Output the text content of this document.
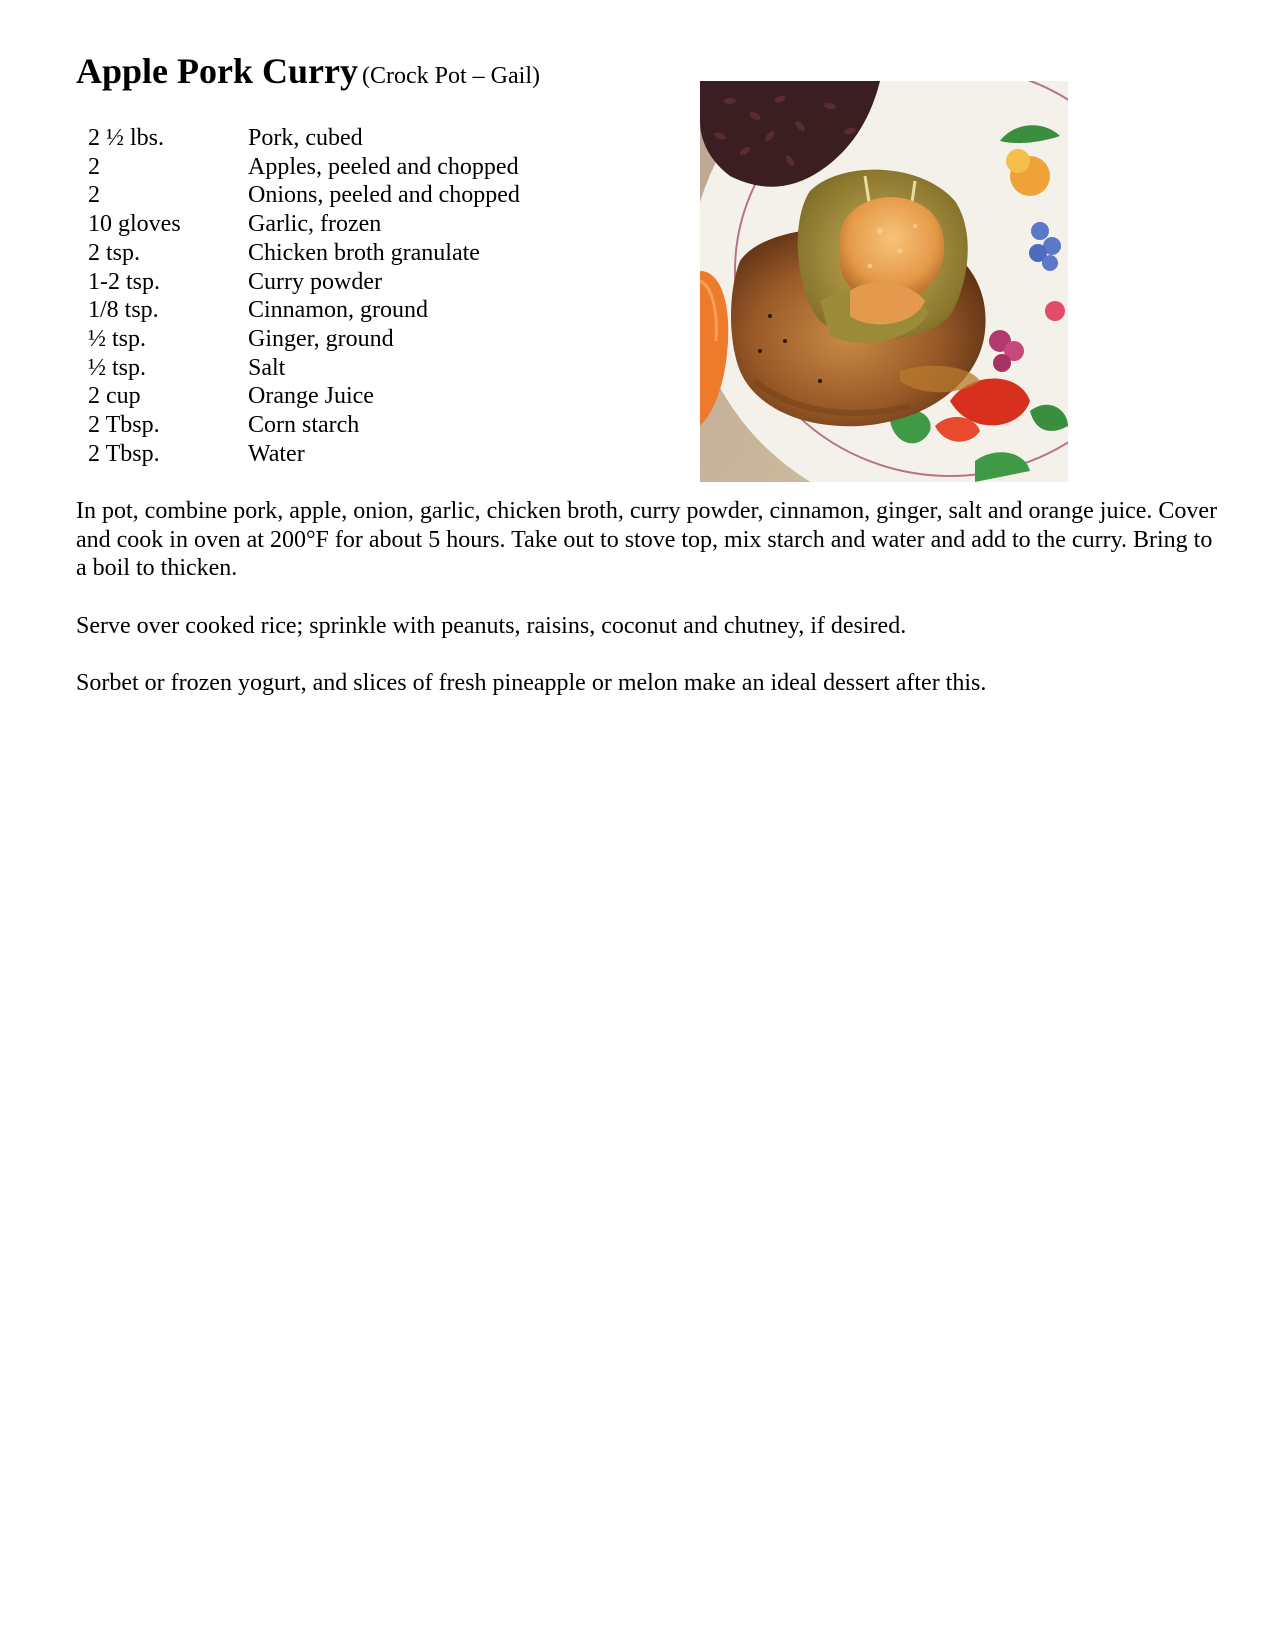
Apple Pork Curry (Crock Pot – Gail)
2 ½ lbs.	Pork, cubed
2	Apples, peeled and chopped
2	Onions, peeled and chopped
10 gloves	Garlic, frozen
2 tsp.	Chicken broth granulate
1-2 tsp.	Curry powder
1/8 tsp.	Cinnamon, ground
½ tsp.	Ginger, ground
½ tsp.	Salt
2 cup	Orange Juice
2 Tbsp.	Corn starch
2 Tbsp.	Water

In pot, combine pork, apple, onion, garlic, chicken broth, curry powder, cinnamon, ginger, salt and orange juice. Cover and cook in oven at 200°F for about 5 hours. Take out to stove top, mix starch and water and add to the curry. Bring to a boil to thicken.

Serve over cooked rice; sprinkle with peanuts, raisins, coconut and chutney, if desired.

Sorbet or frozen yogurt, and slices of fresh pineapple or melon make an ideal dessert after this.
